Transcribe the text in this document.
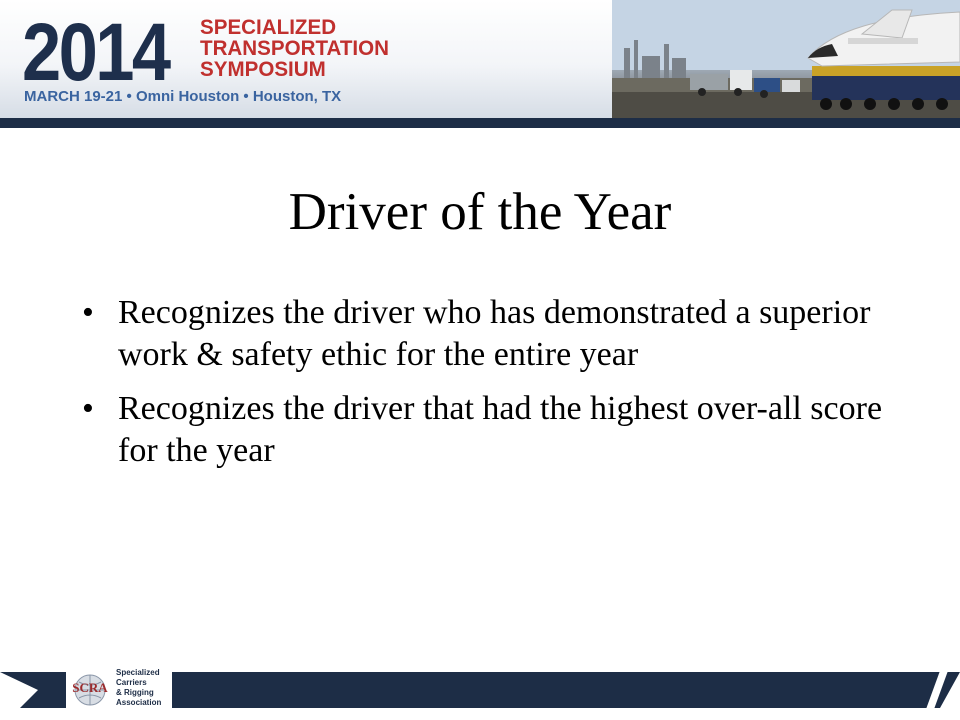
2014 SPECIALIZED
TRANSPORTATION
SYMPOSIUM
MARCH 19-21 • Omni Houston • Houston, TX
Driver of the Year
• Recognizes the driver who has demonstrated a superior work & safety ethic for the entire year
• Recognizes the driver that had the highest over-all score for the year
SCRA
Specialized
Carriers
& Rigging
Association
